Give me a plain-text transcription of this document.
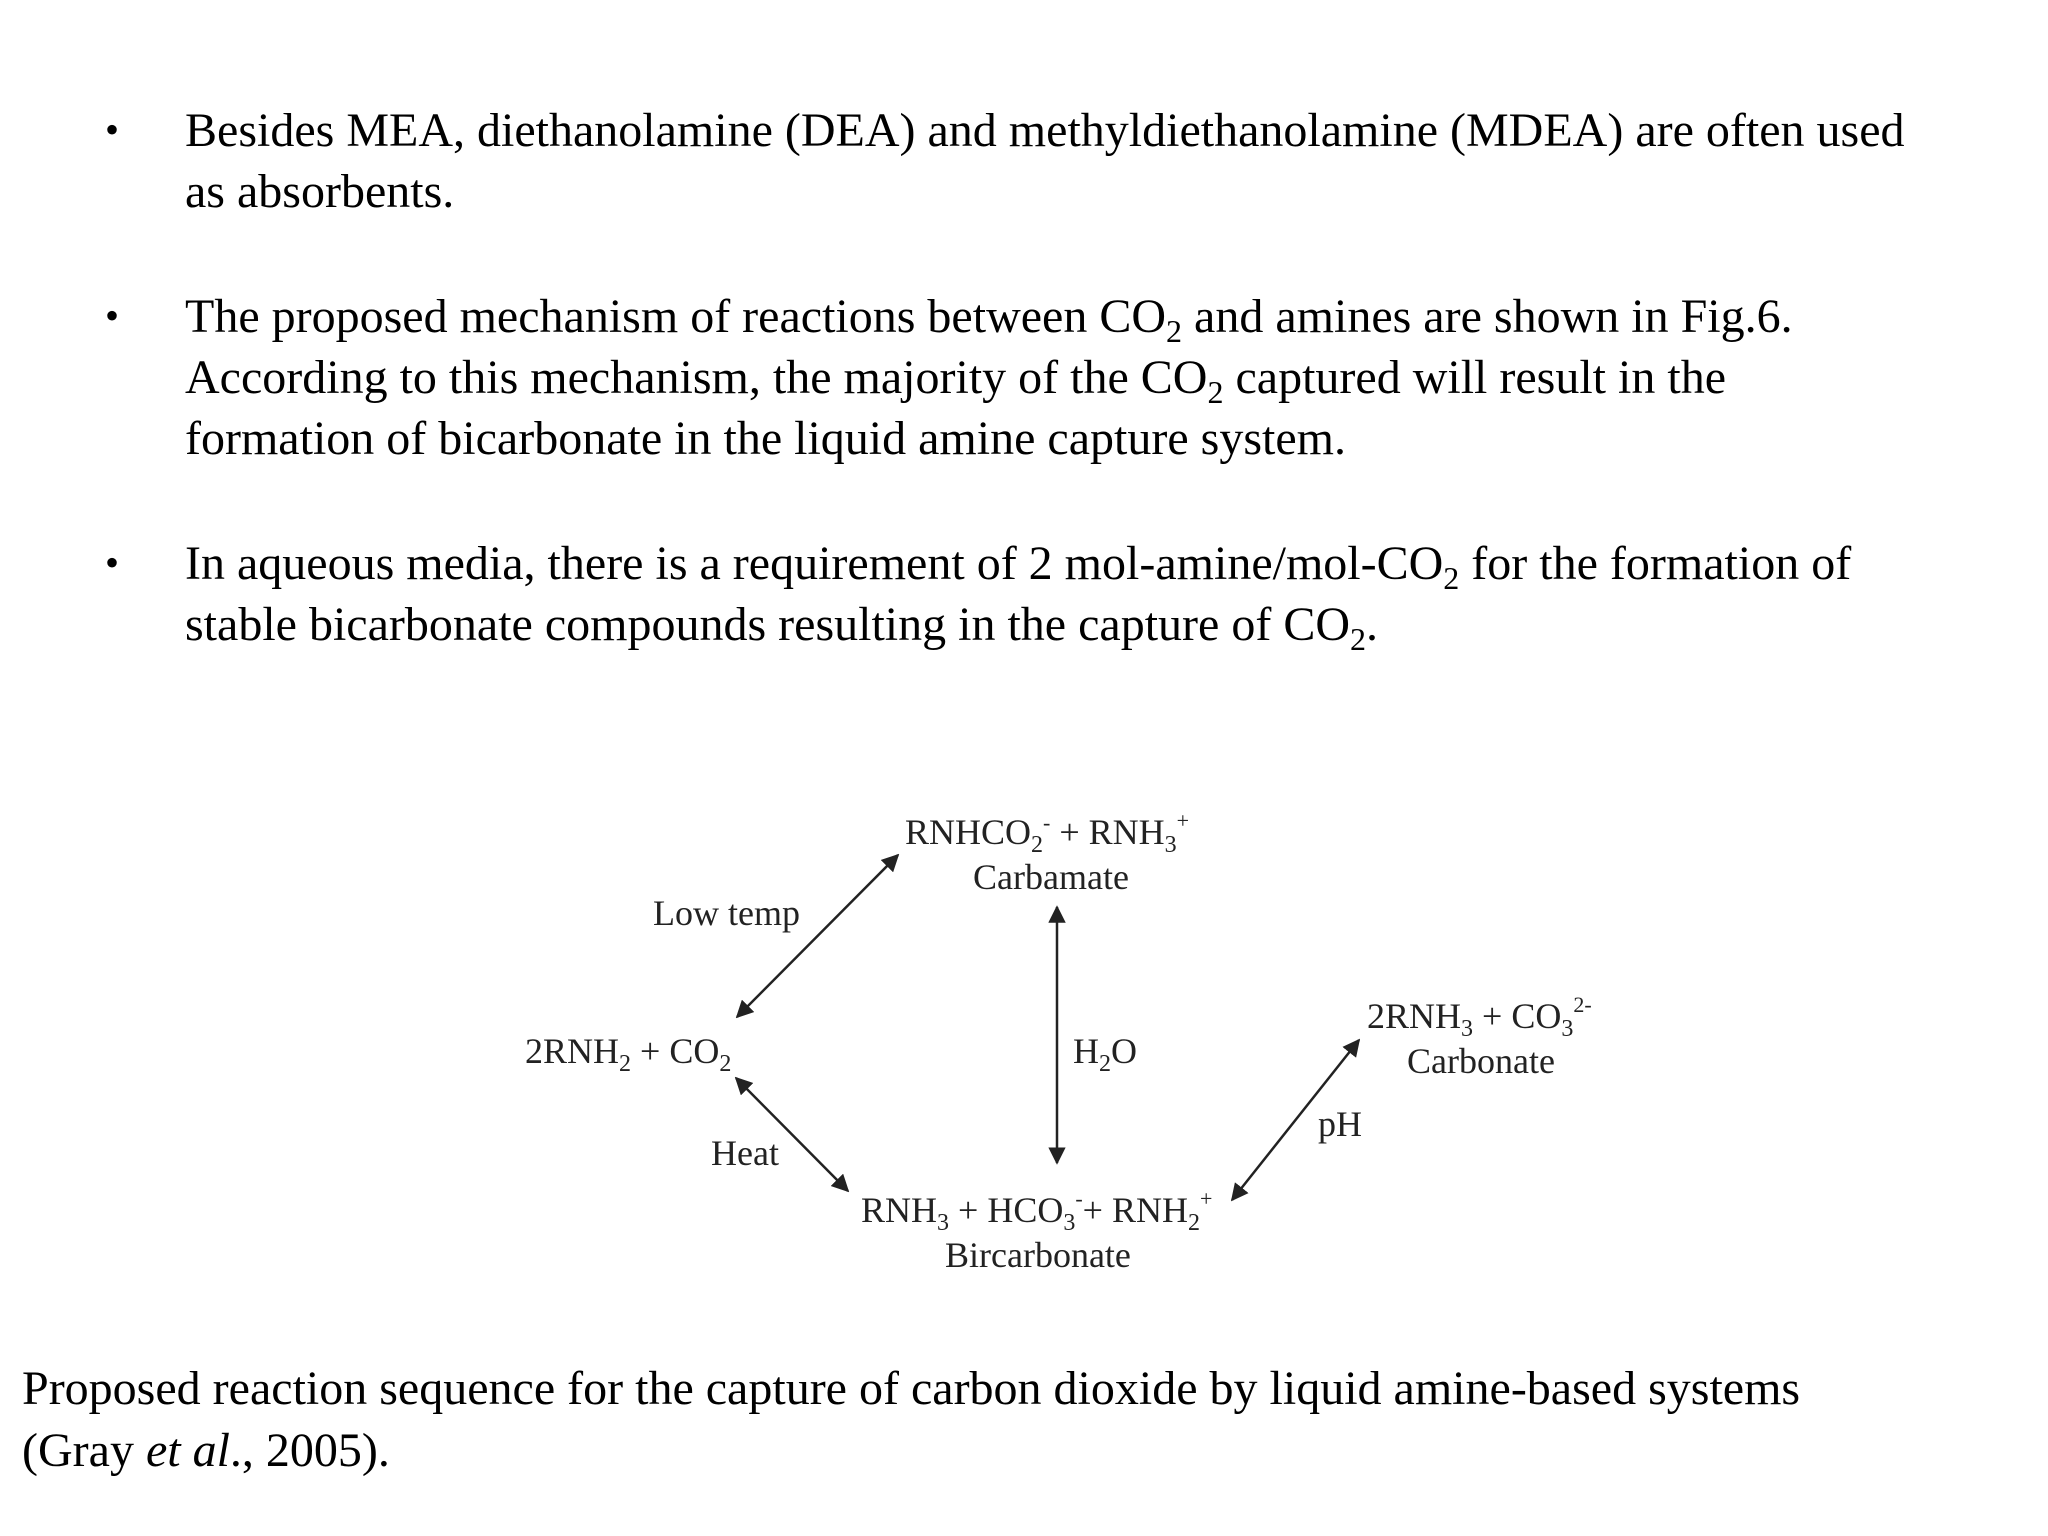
• Besides MEA, diethanolamine (DEA) and methyldiethanolamine (MDEA) are often used
as absorbents.
• The proposed mechanism of reactions between $CO_2$ and amines are shown in Fig.6.
According to this mechanism, the majority of the $CO_2$ captured will result in the
formation of bicarbonate in the liquid amine capture system.
• In aqueous media, there is a requirement of 2 mol-$amine/mol-CO_2$ for the formation of
stable bicarbonate compounds resulting in the capture of $CO_2$.
$RNHCO_2^- + RNH_3^+$
Carbamate
Low temp
$2RNH_2 + CO_2$	$H_2O$
$2RNH_3 + CO_3^{2-}$
Carbonate
pH
Heat
$RNH_3 + HCO_3^-+ RNH_2^+$
Bircarbonate
Proposed reaction sequence for the capture of carbon dioxide by liquid amine-based systems
(Gray et al., 2005).
